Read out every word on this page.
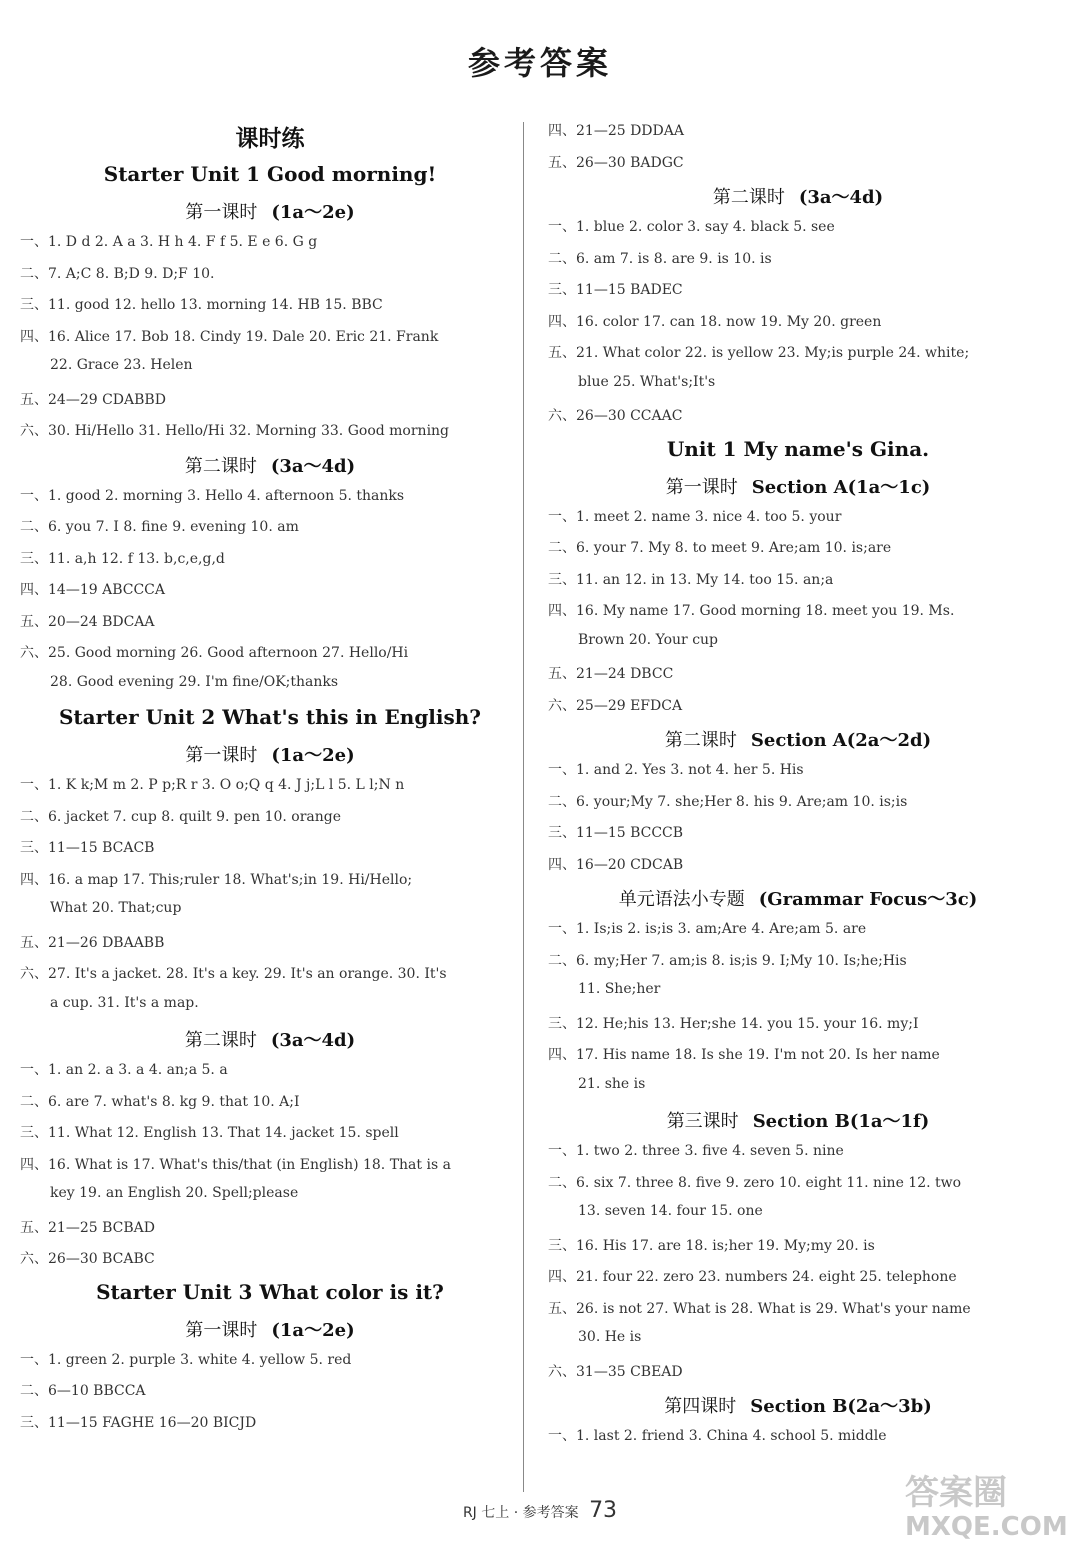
参考答案
课时练
Starter Unit 1 Good morning!
第一课时 (1a～2e)
一、1. D d 2. A a 3. H h 4. F f 5. E e 6. G g
二、7. A;C 8. B;D 9. D;F 10.
三、11. good 12. hello 13. morning 14. HB 15. BBC
四、16. Alice 17. Bob 18. Cindy 19. Dale 20. Eric 21. Frank
22. Grace 23. Helen
五、24—29 CDABBD
六、30. Hi/Hello 31. Hello/Hi 32. Morning 33. Good morning
第二课时 (3a～4d)
一、1. good 2. morning 3. Hello 4. afternoon 5. thanks
二、6. you 7. I 8. fine 9. evening 10. am
三、11. a,h 12. f 13. b,c,e,g,d
四、14—19 ABCCCA
五、20—24 BDCAA
六、25. Good morning 26. Good afternoon 27. Hello/Hi
28. Good evening 29. I'm fine/OK;thanks
Starter Unit 2 What's this in English?
第一课时 (1a～2e)
一、1. K k;M m 2. P p;R r 3. O o;Q q 4. J j;L l 5. L l;N n
二、6. jacket 7. cup 8. quilt 9. pen 10. orange
三、11—15 BCACB
四、16. a map 17. This;ruler 18. What's;in 19. Hi/Hello;
What 20. That;cup
五、21—26 DBAABB
六、27. It's a jacket. 28. It's a key. 29. It's an orange. 30. It's
a cup. 31. It's a map.
第二课时 (3a～4d)
一、1. an 2. a 3. a 4. an;a 5. a
二、6. are 7. what's 8. kg 9. that 10. A;I
三、11. What 12. English 13. That 14. jacket 15. spell
四、16. What is 17. What's this/that (in English) 18. That is a
key 19. an English 20. Spell;please
五、21—25 BCBAD
六、26—30 BCABC
Starter Unit 3 What color is it?
第一课时 (1a～2e)
一、1. green 2. purple 3. white 4. yellow 5. red
二、6—10 BBCCA
三、11—15 FAGHE 16—20 BICJD
四、21—25 DDDAA
五、26—30 BADGC
第二课时 (3a～4d)
一、1. blue 2. color 3. say 4. black 5. see
二、6. am 7. is 8. are 9. is 10. is
三、11—15 BADEC
四、16. color 17. can 18. now 19. My 20. green
五、21. What color 22. is yellow 23. My;is purple 24. white;
blue 25. What's;It's
六、26—30 CCAAC
Unit 1 My name's Gina.
第一课时 Section A(1a～1c)
一、1. meet 2. name 3. nice 4. too 5. your
二、6. your 7. My 8. to meet 9. Are;am 10. is;are
三、11. an 12. in 13. My 14. too 15. an;a
四、16. My name 17. Good morning 18. meet you 19. Ms.
Brown 20. Your cup
五、21—24 DBCC
六、25—29 EFDCA
第二课时 Section A(2a～2d)
一、1. and 2. Yes 3. not 4. her 5. His
二、6. your;My 7. she;Her 8. his 9. Are;am 10. is;is
三、11—15 BCCCB
四、16—20 CDCAB
单元语法小专题 (Grammar Focus～3c)
一、1. Is;is 2. is;is 3. am;Are 4. Are;am 5. are
二、6. my;Her 7. am;is 8. is;is 9. I;My 10. Is;he;His
11. She;her
三、12. He;his 13. Her;she 14. you 15. your 16. my;I
四、17. His name 18. Is she 19. I'm not 20. Is her name
21. she is
第三课时 Section B(1a～1f)
一、1. two 2. three 3. five 4. seven 5. nine
二、6. six 7. three 8. five 9. zero 10. eight 11. nine 12. two
13. seven 14. four 15. one
三、16. His 17. are 18. is;her 19. My;my 20. is
四、21. four 22. zero 23. numbers 24. eight 25. telephone
五、26. is not 27. What is 28. What is 29. What's your name
30. He is
六、31—35 CBEAD
第四课时 Section B(2a～3b)
一、1. last 2. friend 3. China 4. school 5. middle
RJ 七上 · 参考答案 73	答案圈
MXQE.COM
